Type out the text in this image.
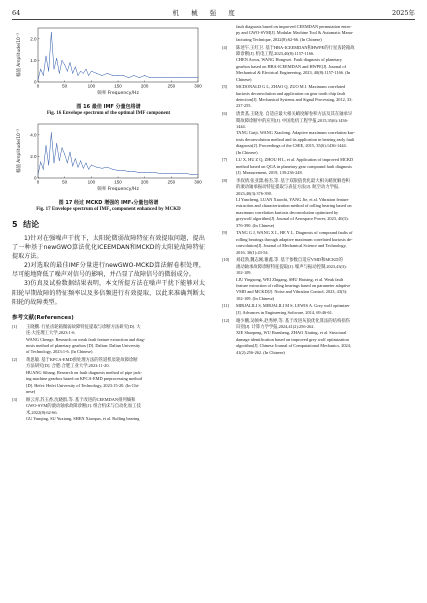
64	机 械 强 度	2025年
0	50	100	150	200	250	300
0
1.0
2.0
频率 Frequency/Hz
幅值 Amplitude/10⁻³
图 16 最佳 IMF 分量包络谱
Fig. 16 Envelope spectrum of the optimal IMF component
0	50	100	150	200	250	300
0
2.0
4.0
频率 Frequency/Hz
幅值 Amplitude/10⁻³
图 17 经过 MCKD 增强的 IMF₄分量包络谱
Fig. 17 Envelope spectrum of IMF₄ component enhanced by MCKD
5 结论

1)针对在强噪声干扰下，太阳轮微弱故障特征有效提取问题，提出了一种基于newGWO算法优化ICEEMDAN和MCKD的太阳轮故障特征提取方法。

2)对选取的最佳IMF分量进行newGWO-MCKD算法解卷积处理，尽可能地降低了噪声对信号的影响，并凸显了故障信号的微弱成分。

3)仿真及试验数据结果表明，本文所提方法在噪声干扰下能够对太阳轮早期故障的特征频率以及多倍频进行有效提取，以此来准确判断太阳轮的故障类型。

参考文献(References)
[1]	王晓鹏. 行星齿轮箱微弱故障特征提取与诊断方法研究[D]. 大
连:大连理工大学,2023:1-6.
WANG Chenge. Research on weak fault feature extraction and diag-
nosis method of planetary gearbox [D]. Dalian: Dalian University
of Technology, 2023:1-6. (In Chinese)
[2]	黄思敏. 基于KPCA-EMD预处理方法的管道机泵轮故障诊断
方法研究[D]. 合肥:合肥工业大学,2023:11-20.
HUANG Sihang. Research on fault diagnosis method of pipe jack-
ing machine gearbox based on KPCA-EMD preprocessing method
[D]. Hefei: Hefei University of Technology, 2023:15-20. (In Chi-
nese)
[3]	顾云青,苏玉香,沈晓群,等. 基于改进的CEEMDAN排列熵和
GWO-SVM的滚动轴承故障诊断[J]. 组合机床与自动化加工技
术,2022(8):62-66.
GU Yunqing, SU Yuxiang, SHEN Xiaoqun, et al. Rolling bearing
fault diagnosis based on improved CEEMDAN permutation entro-
py and GWO-SVM[J]. Modular Machine Tool & Automatic Manu-
facturing Technique, 2022(8):62-66. (In Chinese)
[4]	陈述午,王红卫. 基于HBA-ICEEMDAN和HWPE的行星齿轮箱故
障诊断[J]. 机电工程,2023,40(8):1157-1166.
CHEN Aowu, WANG Hongwei. Fault diagnosis of planetary
gearbox based on HBA-ICEEMDAN and HWPE[J]. Journal of
Mechanical & Electrical Engineering, 2023, 40(8):1157-1166. (In
Chinese)
[5]	MCDONALD G L, ZHAO Q, ZUO M J. Maximum correlated
kurtosis deconvolution and application on gear tooth chip fault
detection[J]. Mechanical Systems and Signal Processing, 2012, 33:
237-255.
[6]	唐贵基,王晓龙. 自适应最大相关峭度解卷积方法及其在轴承早
期故障诊断中的应用[J]. 中国电机工程学报,2015,35(6):1436-
1444.
TANG Guiji, WANG Xiaolong. Adaptive maximum correlation kur-
tosis deconvolution method and its application in bearing early fault
diagnosis[J]. Proceedings of the CSEE, 2015, 35(6):1436-1444.
(In Chinese)
[7]	LU X, HU Z Q, ZHOU H L, et al. Application of improved MCKD
method based on QGA in planetary gear compound fault diagnosis
[J]. Measurement, 2019, 139:236-248.
[8]	李叔倩,张亚潇,杨杰,等. 基于双限值优化最大相关峭度解卷积
的滚动轴承振动特征提取与表征方法[J]. 航空动力学报,
2023,40(3):376-390.
LI Yancheng, LUAN Xiaochi, YANG Jie, et al. Vibration feature
extraction and characterization method of rolling bearing based on
maximum correlation kurtosis deconvolution optimized by
greywolf algorithm[J]. Journal of Aerospace Power, 2023, 40(3):
376-390. (In Chinese)
[9]	TANG G J, WANG X L, HE Y L. Diagnosis of compound faults of
rolling bearings through adaptive maximum correlated kurtosis de-
convolution[J]. Journal of Mechanical Science and Technology,
2016, 30(1):43-54.
[10]	刘硅勃,魏志刚,谢鑫,等. 基于参数自适应VMD和MCKD的
滚动轴承故障诊断特征提取[J]. 噪声与振动控制,2023,43(3):
102-109.
LIU Yingsong, WEI Zhigang, SHU Haixing, et al. Weak fault
feature extraction of rolling bearings based on parameter adaptive
VMD and MCKD[J]. Noise and Vibration Control, 2023, 43(3):
102-109. (In Chinese)
[11]	MIRJALILI S, MIRJALILI M S, LEWIS A. Grey wolf optimizer
[J]. Advances in Engineering Software, 2014, 69:46-61.
[12]	谢少鹏,吴帧乡,赵秀婷,等. 基于改进灰狼优化算法的结构损伤
识别[J]. 计算力学学报,2024,41(2):256-262.
XIE Shaopeng, WU Bansheng, ZHAO Xiuting, et al. Structural
damage identification based on improved grey wolf optimization
algorithm[J]. Chinese Journal of Computational Mechanics, 2024,
41(2):256-262. (In Chinese)
